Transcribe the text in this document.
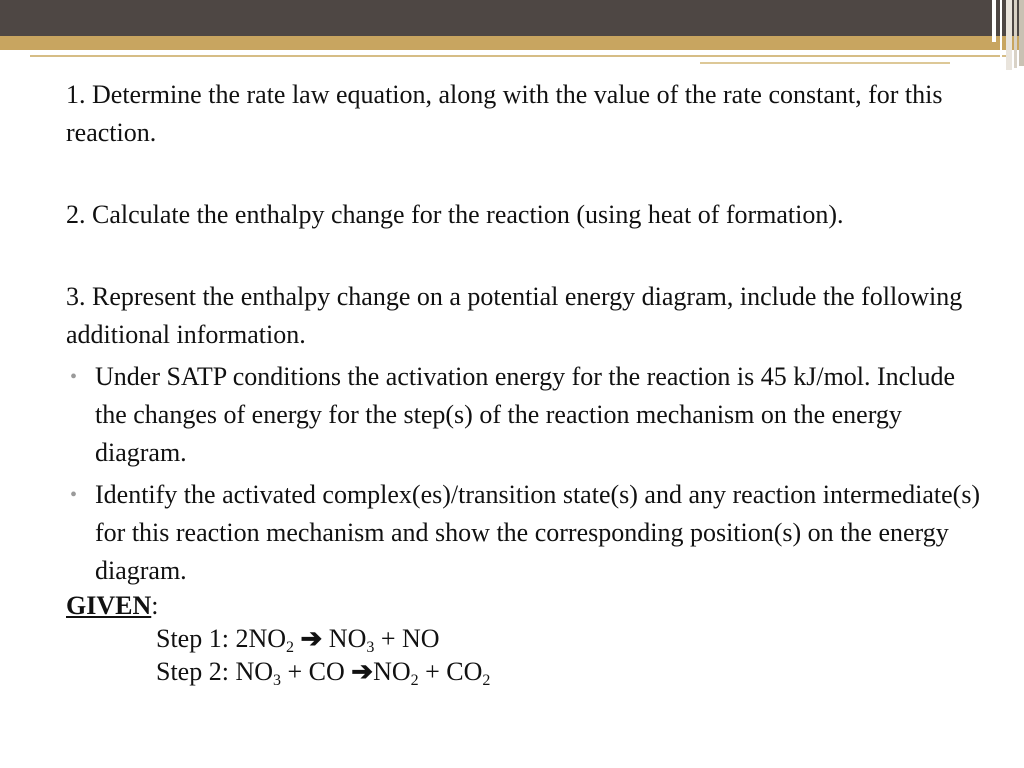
1. Determine the rate law equation, along with the value of the rate constant, for this reaction.

2. Calculate the enthalpy change for the reaction (using heat of formation).

3. Represent the enthalpy change on a potential energy diagram, include the following additional information.

• Under SATP conditions the activation energy for the reaction is 45 kJ/mol. Include the changes of energy for the step(s) of the reaction mechanism on the energy diagram.
• Identify the activated complex(es)/transition state(s) and any reaction intermediate(s) for this reaction mechanism and show the corresponding position(s) on the energy diagram.

GIVEN:

Step 1: $2NO_2$ ➔ $NO_3$ + NO
Step 2: $NO_3$ + CO $➔NO_2 + CO_2$
